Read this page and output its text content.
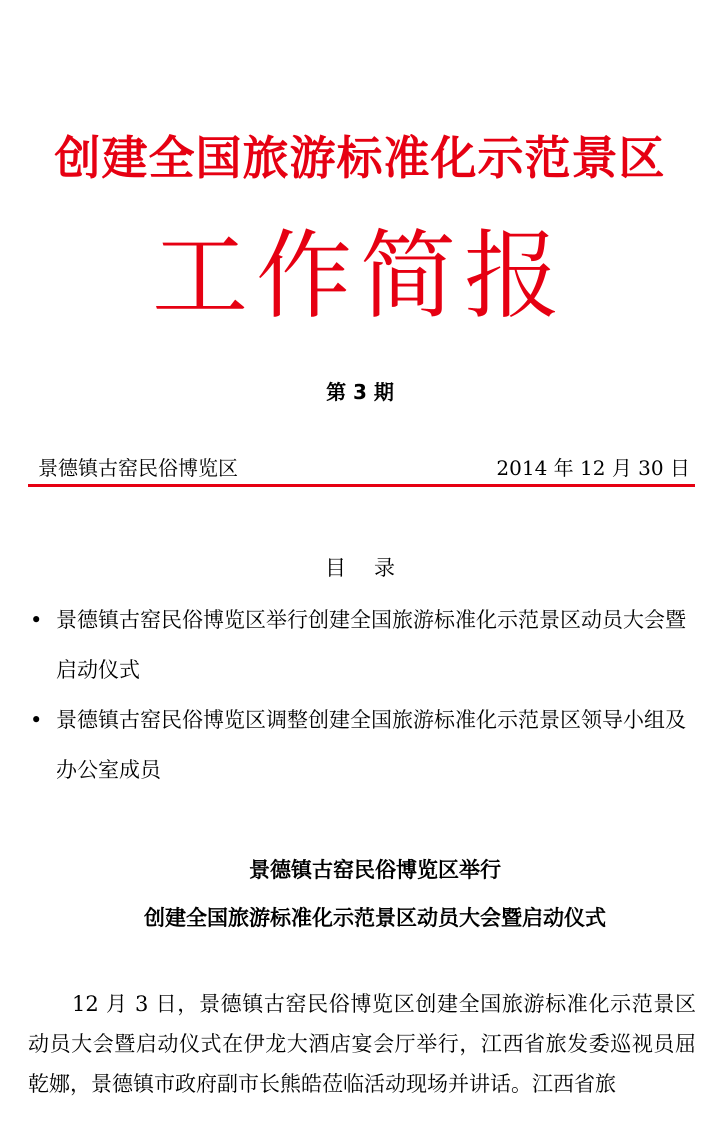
创建全国旅游标准化示范景区
工作简报
第 3 期
景德镇古窑民俗博览区	2014 年 12 月 30 日
目录
• 景德镇古窑民俗博览区举行创建全国旅游标准化示范景区动员大会暨启动仪式
• 景德镇古窑民俗博览区调整创建全国旅游标准化示范景区领导小组及办公室成员
景德镇古窑民俗博览区举行
创建全国旅游标准化示范景区动员大会暨启动仪式
12 月 3 日，景德镇古窑民俗博览区创建全国旅游标准化示范景区动员大会暨启动仪式在伊龙大酒店宴会厅举行，江西省旅发委巡视员屈乾娜，景德镇市政府副市长熊皓莅临活动现场并讲话。江西省旅
